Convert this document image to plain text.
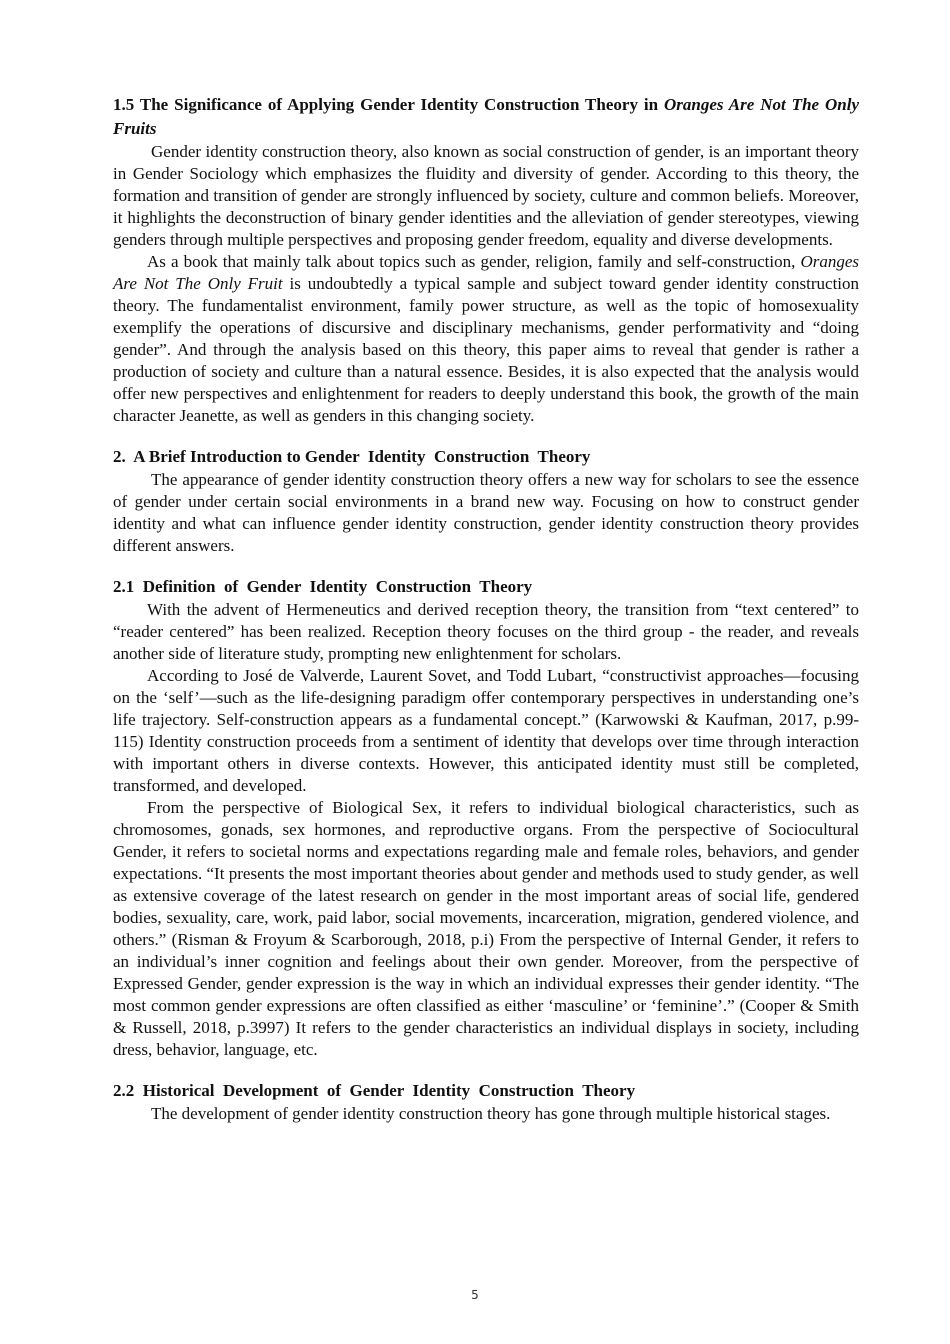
1.5 The Significance of Applying Gender Identity Construction Theory in Oranges Are Not The Only Fruits

Gender identity construction theory, also known as social construction of gender, is an important theory in Gender Sociology which emphasizes the fluidity and diversity of gender. According to this theory, the formation and transition of gender are strongly influenced by society, culture and common beliefs. Moreover, it highlights the deconstruction of binary gender identities and the alleviation of gender stereotypes, viewing genders through multiple perspectives and proposing gender freedom, equality and diverse developments.

As a book that mainly talk about topics such as gender, religion, family and self-construction, Oranges Are Not The Only Fruit is undoubtedly a typical sample and subject toward gender identity construction theory. The fundamentalist environment, family power structure, as well as the topic of homosexuality exemplify the operations of discursive and disciplinary mechanisms, gender performativity and “doing gender”. And through the analysis based on this theory, this paper aims to reveal that gender is rather a production of society and culture than a natural essence. Besides, it is also expected that the analysis would offer new perspectives and enlightenment for readers to deeply understand this book, the growth of the main character Jeanette, as well as genders in this changing society.

2.  A Brief Introduction to Gender  Identity  Construction  Theory

The appearance of gender identity construction theory offers a new way for scholars to see the essence of gender under certain social environments in a brand new way. Focusing on how to construct gender identity and what can influence gender identity construction, gender identity construction theory provides different answers.

2.1  Definition  of  Gender  Identity  Construction  Theory

With the advent of Hermeneutics and derived reception theory, the transition from “text centered” to “reader centered” has been realized. Reception theory focuses on the third group - the reader, and reveals another side of literature study, prompting new enlightenment for scholars.

According to José de Valverde, Laurent Sovet, and Todd Lubart, “constructivist approaches—focusing on the ‘self’—such as the life-designing paradigm offer contemporary perspectives in understanding one’s life trajectory. Self-construction appears as a fundamental concept.” (Karwowski & Kaufman, 2017, p.99-115) Identity construction proceeds from a sentiment of identity that develops over time through interaction with important others in diverse contexts. However, this anticipated identity must still be completed, transformed, and developed.

From the perspective of Biological Sex, it refers to individual biological characteristics, such as chromosomes, gonads, sex hormones, and reproductive organs. From the perspective of Sociocultural Gender, it refers to societal norms and expectations regarding male and female roles, behaviors, and gender expectations. “It presents the most important theories about gender and methods used to study gender, as well as extensive coverage of the latest research on gender in the most important areas of social life, gendered bodies, sexuality, care, work, paid labor, social movements, incarceration, migration, gendered violence, and others.” (Risman & Froyum & Scarborough, 2018, p.i) From the perspective of Internal Gender, it refers to an individual’s inner cognition and feelings about their own gender. Moreover, from the perspective of Expressed Gender, gender expression is the way in which an individual expresses their gender identity. “The most common gender expressions are often classified as either ‘masculine’ or ‘feminine’.” (Cooper & Smith & Russell, 2018, p.3997) It refers to the gender characteristics an individual displays in society, including dress, behavior, language, etc.

2.2  Historical  Development  of  Gender  Identity  Construction  Theory

The development of gender identity construction theory has gone through multiple historical stages.

5
